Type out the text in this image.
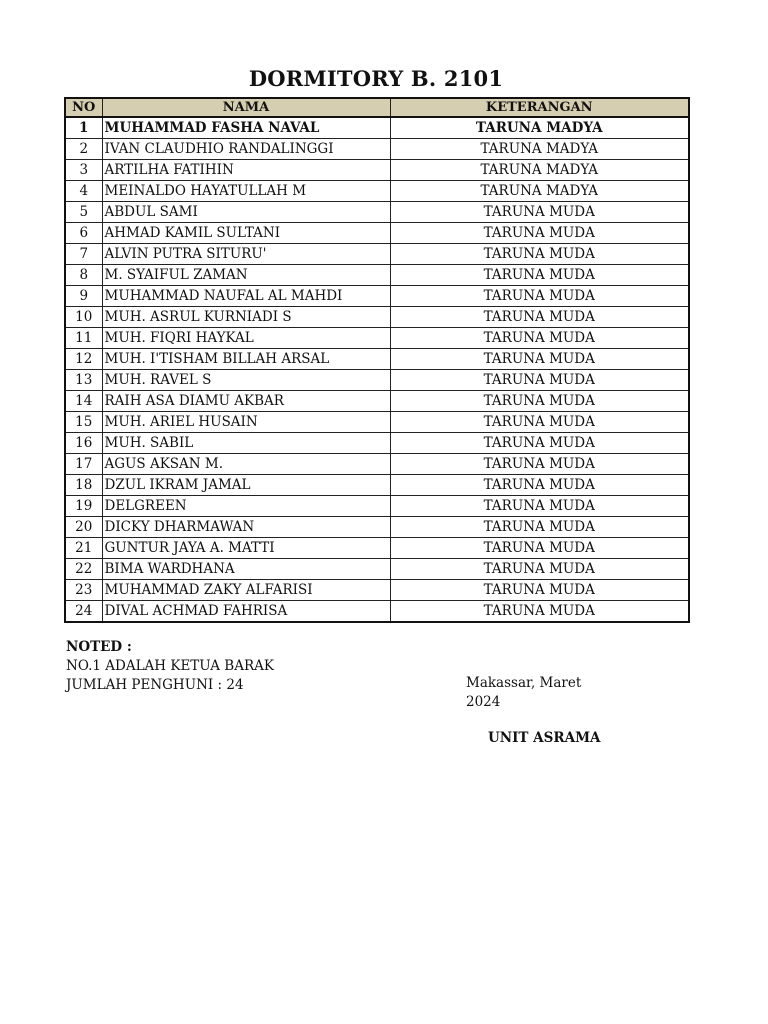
DORMITORY B. 2101
NO	NAMA	KETERANGAN
1	MUHAMMAD FASHA NAVAL	TARUNA MADYA
2	IVAN CLAUDHIO RANDALINGGI	TARUNA MADYA
3	ARTILHA FATIHIN	TARUNA MADYA
4	MEINALDO HAYATULLAH M	TARUNA MADYA
5	ABDUL SAMI	TARUNA MUDA
6	AHMAD KAMIL SULTANI	TARUNA MUDA
7	ALVIN PUTRA SITURU'	TARUNA MUDA
8	M. SYAIFUL ZAMAN	TARUNA MUDA
9	MUHAMMAD NAUFAL AL MAHDI	TARUNA MUDA
10	MUH. ASRUL KURNIADI S	TARUNA MUDA
11	MUH. FIQRI HAYKAL	TARUNA MUDA
12	MUH. I'TISHAM BILLAH ARSAL	TARUNA MUDA
13	MUH. RAVEL S	TARUNA MUDA
14	RAIH ASA DIAMU AKBAR	TARUNA MUDA
15	MUH. ARIEL HUSAIN	TARUNA MUDA
16	MUH. SABIL	TARUNA MUDA
17	AGUS AKSAN M.	TARUNA MUDA
18	DZUL IKRAM JAMAL	TARUNA MUDA
19	DELGREEN	TARUNA MUDA
20	DICKY DHARMAWAN	TARUNA MUDA
21	GUNTUR JAYA A. MATTI	TARUNA MUDA
22	BIMA WARDHANA	TARUNA MUDA
23	MUHAMMAD ZAKY ALFARISI	TARUNA MUDA
24	DIVAL ACHMAD FAHRISA	TARUNA MUDA
NOTED :
NO.1 ADALAH KETUA BARAK
JUMLAH PENGHUNI : 24	Makassar, Maret 2024
UNIT ASRAMA
